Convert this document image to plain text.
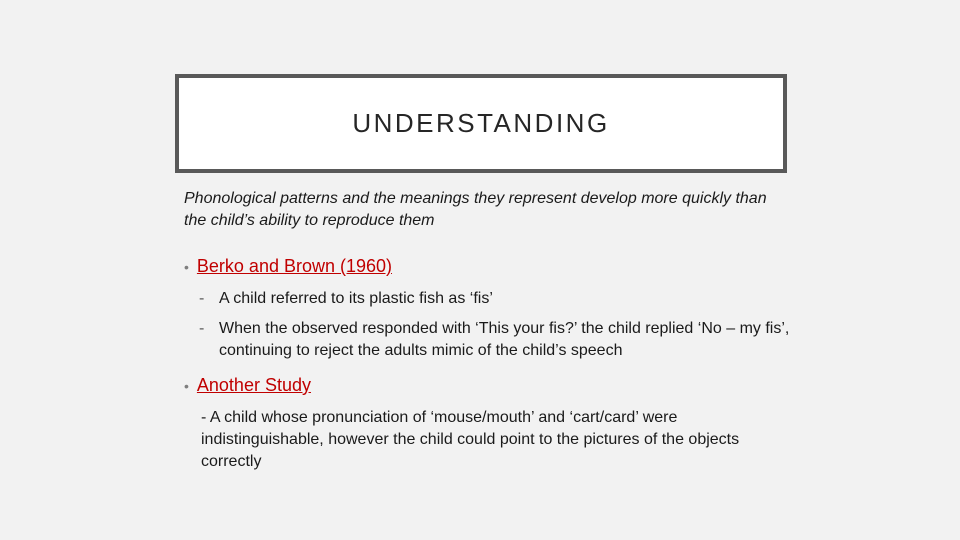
UNDERSTANDING
Phonological patterns and the meanings they represent develop more quickly than the child’s ability to reproduce them
• Berko and Brown (1960)
- A child referred to its plastic fish as ‘fis’
- When the observed responded with ‘This your fis?’ the child replied ‘No – my fis’, continuing to reject the adults mimic of the child’s speech
• Another Study
- A child whose pronunciation of ‘mouse/mouth’ and ‘cart/card’ were indistinguishable, however the child could point to the pictures of the objects correctly
